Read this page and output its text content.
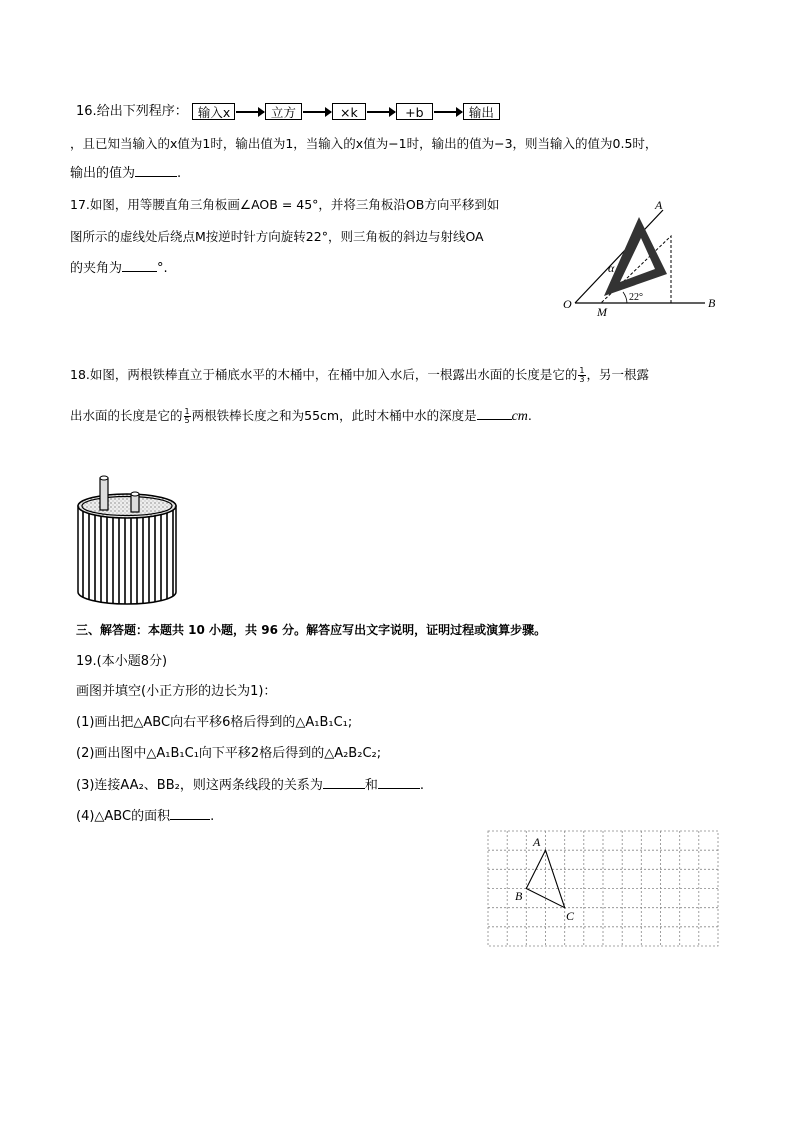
16.给出下列程序： 输入x	立方	×k	+b	输出
，且已知当输入的x值为1时，输出值为1，当输入的x值为−1时，输出的值为−3，则当输入的值为0.5时，
输出的值为	.
17.如图，用等腰直角三角板画∠AOB = 45°，并将三角板沿OB方向平移到如
图所示的虚线处后绕点M按逆时针方向旋转22°，则三角板的斜边与射线OA
的夹角为	°.
A
α
22°
O
M
B
18.如图，两根铁棒直立于桶底水平的木桶中，在桶中加入水后，一根露出水面的长度是它的 $\frac{1}{3}$ ，另一根露
出水面的长度是它的 $\frac{1}{5}$ 两根铁棒长度之和为55cm，此时木桶中水的深度是	cm.
三、解答题：本题共 10 小题，共 96 分。解答应写出文字说明，证明过程或演算步骤。
19.(本小题8分)
画图并填空(小正方形的边长为1)：
(1)画出把△ABC向右平移6格后得到的△A₁B₁C₁;
(2)画出图中△A₁B₁C₁向下平移2格后得到的△A₂B₂C₂;
(3)连接AA₂、BB₂，则这两条线段的关系为	和	.
(4)△ABC的面积	.
A
B
C
